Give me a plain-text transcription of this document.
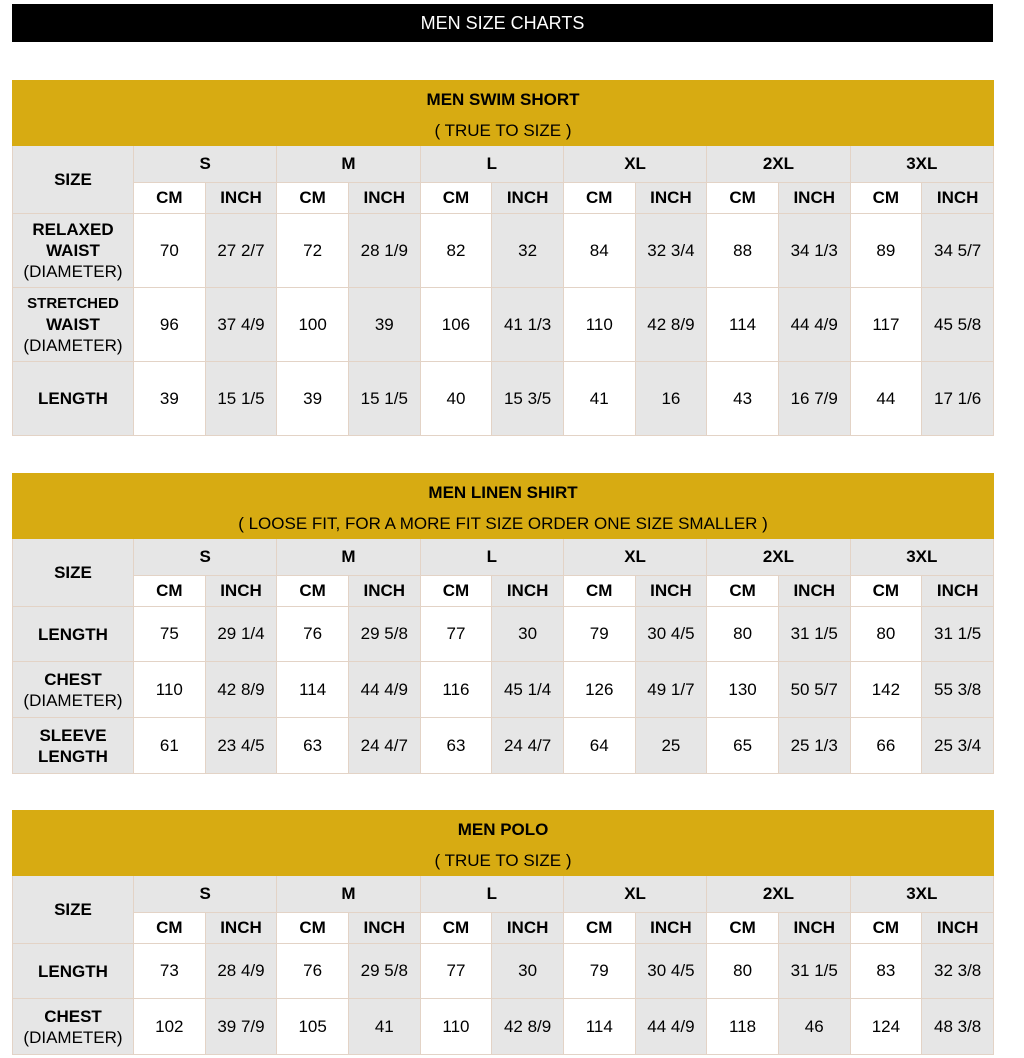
MEN SIZE CHARTS
MEN SWIM SHORT
( TRUE TO SIZE )												

SIZE	S		M		L		XL		2XL		3XL	
	CM	INCH	CM	INCH	CM	INCH	CM	INCH	CM	INCH	CM	INCH

RELAXED
WAIST
(DIAMETER)	70	27 2/7	72	28 1/9	82	32	84	32 3/4	88	34 1/3	89	34 5/7

STRETCHED
WAIST
(DIAMETER)	96	37 4/9	100	39	106	41 1/3	110	42 8/9	114	44 4/9	117	45 5/8

LENGTH	39	15 1/5	39	15 1/5	40	15 3/5	41	16	43	16 7/9	44	17 1/6
MEN LINEN SHIRT
( LOOSE FIT, FOR A MORE FIT SIZE ORDER ONE SIZE SMALLER )												

SIZE	S		M		L		XL		2XL		3XL	
	CM	INCH	CM	INCH	CM	INCH	CM	INCH	CM	INCH	CM	INCH

LENGTH	75	29 1/4	76	29 5/8	77	30	79	30 4/5	80	31 1/5	80	31 1/5

CHEST
(DIAMETER)	110	42 8/9	114	44 4/9	116	45 1/4	126	49 1/7	130	50 5/7	142	55 3/8

SLEEVE
LENGTH	61	23 4/5	63	24 4/7	63	24 4/7	64	25	65	25 1/3	66	25 3/4
MEN POLO
( TRUE TO SIZE )												

SIZE	S		M		L		XL		2XL		3XL	
	CM	INCH	CM	INCH	CM	INCH	CM	INCH	CM	INCH	CM	INCH

LENGTH	73	28 4/9	76	29 5/8	77	30	79	30 4/5	80	31 1/5	83	32 3/8

CHEST
(DIAMETER)	102	39 7/9	105	41	110	42 8/9	114	44 4/9	118	46	124	48 3/8
